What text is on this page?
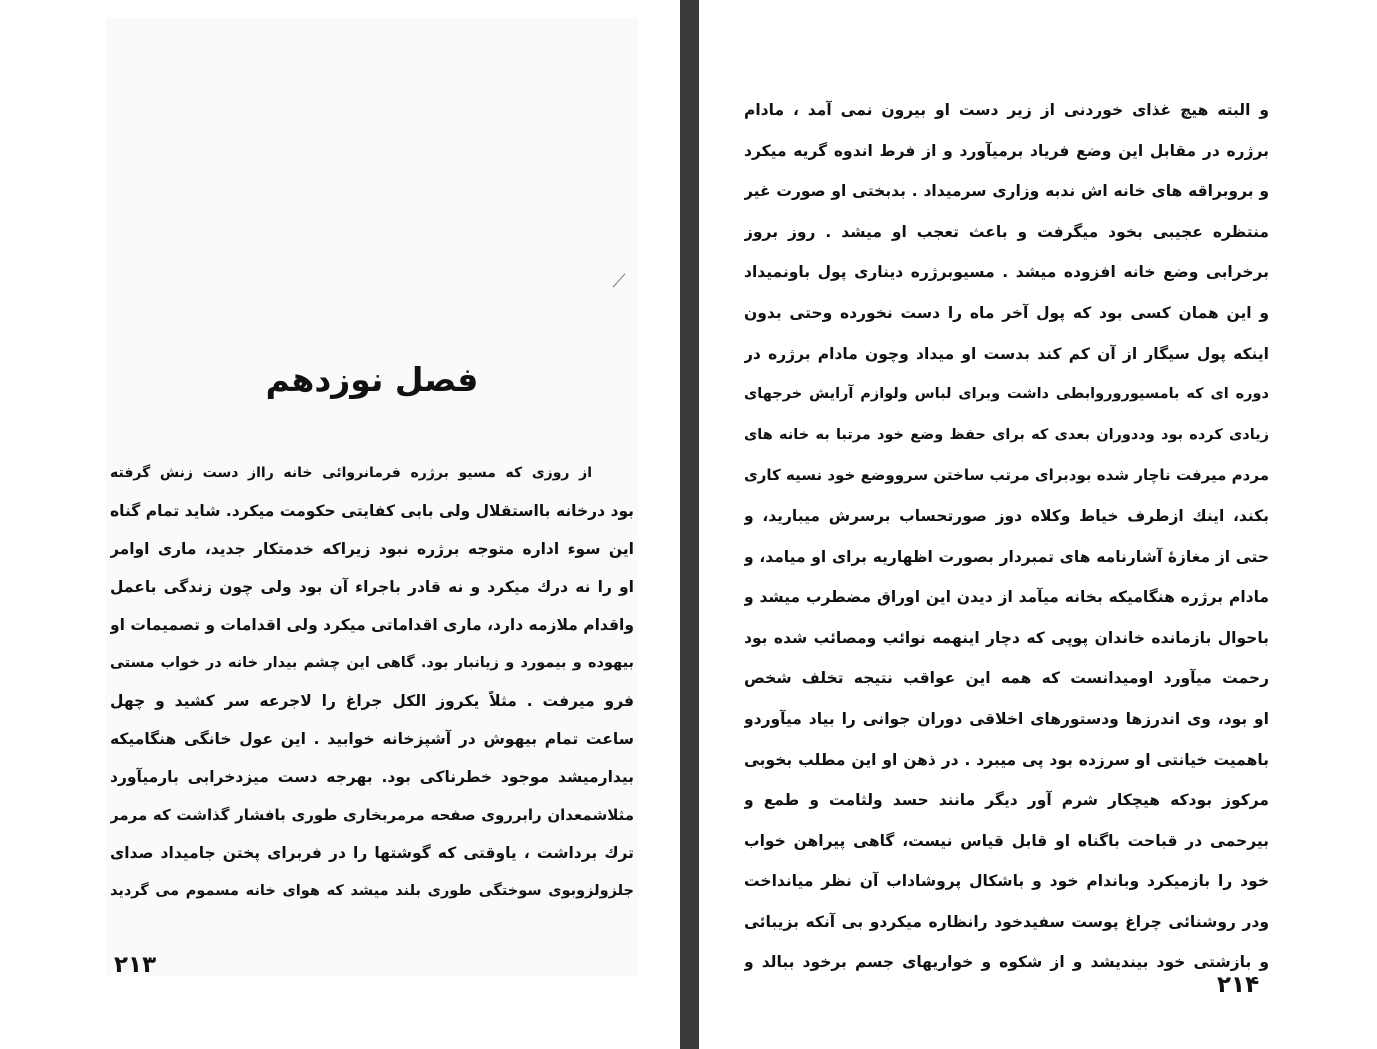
فصل نوزدهم
از روزی که مسیو برژره فرمانروائی خانه رااز دست زنش گرفته
بود درخانه بااستقلال ولی بابی کفایتی حکومت میکرد. شاید تمام گناه
این سوء اداره متوجه برژره نبود زیراکه خدمتکار جدید، ماری اوامر
او را نه درك میکرد و نه قادر باجراء آن بود ولی چون زندگی باعمل
واقدام ملازمه دارد، ماری اقداماتی میکرد ولی اقدامات و تصمیمات او
بیهوده و بیمورد و زیانبار بود. گاهی این چشم بیدار خانه در خواب مستی
فرو میرفت . مثلاً یکروز الکل جراغ را لاجرعه سر کشید و چهل
ساعت تمام بیهوش در آشپزخانه خوابید . این عول خانگی هنگامیکه
بیدارمیشد موجود خطرناکی بود. بهرجه دست میزدخرابی بارمیآورد
مثلاشمعدان رابرروی صفحه مرمربخاری طوری بافشار گذاشت که مرمر
ترك برداشت ، یاوقتی که گوشتها را در فربرای پختن جامیداد صدای
جلزولزوبوی سوختگی طوری بلند میشد که هوای خانه مسموم می گردید
۲۱۳
و البته هیچ غذای خوردنی از زیر دست او بیرون نمی آمد ، مادام
برژره در مقابل این وضع فریاد برمیآورد و از فرط اندوه گریه میکرد
و بروبراقه های خانه اش ندبه وزاری سرمیداد . بدبختی او صورت غیر
منتظره عجیبی بخود میگرفت و باعث تعجب او میشد . روز بروز
برخرابی وضع خانه افزوده میشد . مسیوبرژره دیناری پول باونمیداد
و این همان کسی بود که پول آخر ماه را دست نخورده وحتی بدون
اینکه پول سیگار از آن کم کند بدست او میداد وچون مادام برژره در
دوره ای که بامسیوروروابطی داشت وبرای لباس ولوازم آرایش خرجهای
زیادی کرده بود وددوران بعدی که برای حفظ وضع خود مرتبا به خانه های
مردم میرفت ناچار شده بودبرای مرتب ساختن سرووضع خود نسیه کاری
بکند، اینك ازطرف خیاط وکلاه دوز صورتحساب برسرش میبارید، و
حتی از مغازهٔ آشارنامه های تمبردار بصورت اظهاریه برای او میامد، و
مادام برژره هنگامیکه بخانه میآمد از دیدن این اوراق مضطرب میشد و
باحوال بازمانده خاندان پوپی که دچار اینهمه نوائب ومصائب شده بود
رحمت میآورد اومیدانست که همه این عواقب نتیجه تخلف شخص
او بود، وی اندرزها ودستورهای اخلاقی دوران جوانی را بیاد میآوردو
باهمیت خیانتی او سرزده بود پی میبرد . در ذهن او این مطلب بخوبی
مرکوز بودکه هیچکار شرم آور دیگر مانند حسد ولثامت و طمع و
بیرحمی در قباحت باگناه او قابل قیاس نیست، گاهی پیراهن خواب
خود را بازمیکرد وباندام خود و باشکال پروشاداب آن نظر میانداخت
ودر روشنائی چراغ پوست سفیدخود رانظاره میکردو بی آنکه بزیبائی
و بازشتی خود بیندیشد و از شکوه و خواریهای جسم برخود ببالد و
۲۱۴
